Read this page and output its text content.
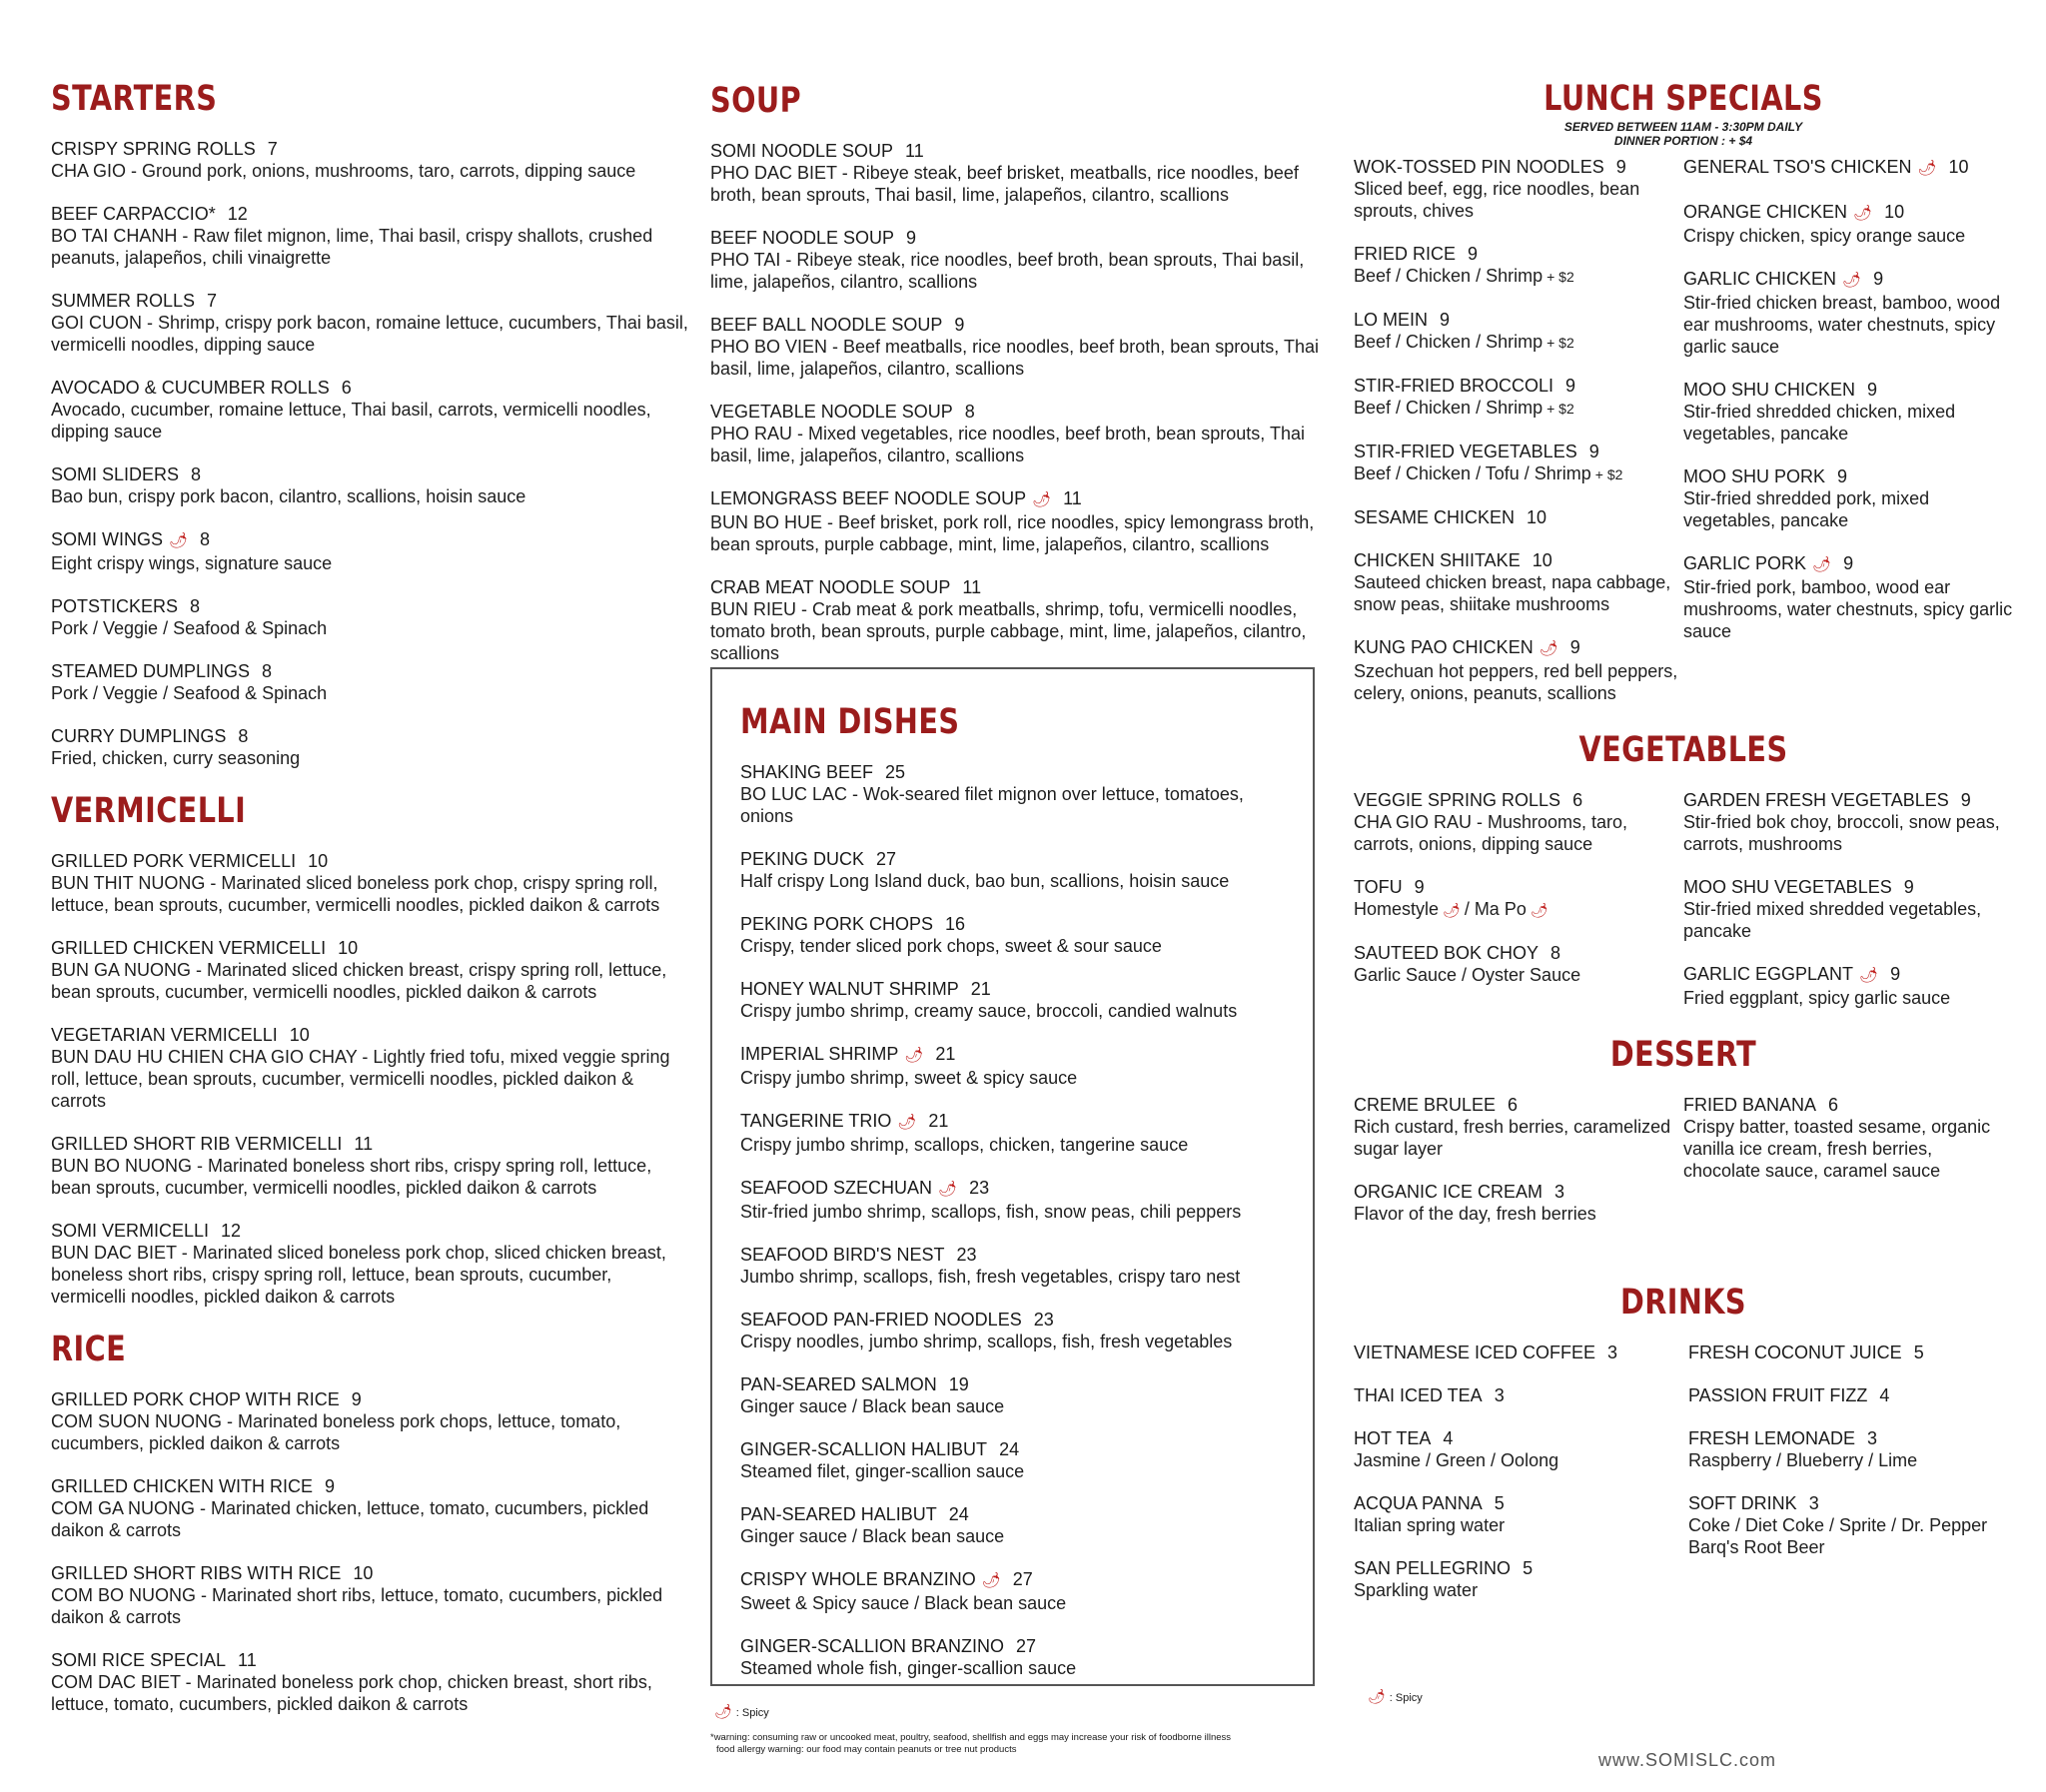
STARTERS
CRISPY SPRING ROLLS 7
CHA GIO - Ground pork, onions, mushrooms, taro, carrots, dipping sauce
BEEF CARPACCIO* 12
BO TAI CHANH - Raw filet mignon, lime, Thai basil, crispy shallots, crushed peanuts, jalapeños, chili vinaigrette
SUMMER ROLLS 7
GOI CUON - Shrimp, crispy pork bacon, romaine lettuce, cucumbers, Thai basil, vermicelli noodles, dipping sauce
AVOCADO & CUCUMBER ROLLS 6
Avocado, cucumber, romaine lettuce, Thai basil, carrots, vermicelli noodles, dipping sauce
SOMI SLIDERS 8
Bao bun, crispy pork bacon, cilantro, scallions, hoisin sauce
SOMI WINGS 🌶 8
Eight crispy wings, signature sauce
POTSTICKERS 8
Pork / Veggie / Seafood & Spinach
STEAMED DUMPLINGS 8
Pork / Veggie / Seafood & Spinach
CURRY DUMPLINGS 8
Fried, chicken, curry seasoning
VERMICELLI
GRILLED PORK VERMICELLI 10
BUN THIT NUONG - Marinated sliced boneless pork chop, crispy spring roll, lettuce, bean sprouts, cucumber, vermicelli noodles, pickled daikon & carrots
GRILLED CHICKEN VERMICELLI 10
BUN GA NUONG - Marinated sliced chicken breast, crispy spring roll, lettuce, bean sprouts, cucumber, vermicelli noodles, pickled daikon & carrots
VEGETARIAN VERMICELLI 10
BUN DAU HU CHIEN CHA GIO CHAY - Lightly fried tofu, mixed veggie spring roll, lettuce, bean sprouts, cucumber, vermicelli noodles, pickled daikon & carrots
GRILLED SHORT RIB VERMICELLI 11
BUN BO NUONG - Marinated boneless short ribs, crispy spring roll, lettuce, bean sprouts, cucumber, vermicelli noodles, pickled daikon & carrots
SOMI VERMICELLI 12
BUN DAC BIET - Marinated sliced boneless pork chop, sliced chicken breast, boneless short ribs, crispy spring roll, lettuce, bean sprouts, cucumber, vermicelli noodles, pickled daikon & carrots
RICE
GRILLED PORK CHOP WITH RICE 9
COM SUON NUONG - Marinated boneless pork chops, lettuce, tomato, cucumbers, pickled daikon & carrots
GRILLED CHICKEN WITH RICE 9
COM GA NUONG - Marinated chicken, lettuce, tomato, cucumbers, pickled daikon & carrots
GRILLED SHORT RIBS WITH RICE 10
COM BO NUONG - Marinated short ribs, lettuce, tomato, cucumbers, pickled daikon & carrots
SOMI RICE SPECIAL 11
COM DAC BIET - Marinated boneless pork chop, chicken breast, short ribs, lettuce, tomato, cucumbers, pickled daikon & carrots
SOUP
SOMI NOODLE SOUP 11
PHO DAC BIET - Ribeye steak, beef brisket, meatballs, rice noodles, beef broth, bean sprouts, Thai basil, lime, jalapeños, cilantro, scallions
BEEF NOODLE SOUP 9
PHO TAI - Ribeye steak, rice noodles, beef broth, bean sprouts, Thai basil, lime, jalapeños, cilantro, scallions
BEEF BALL NOODLE SOUP 9
PHO BO VIEN - Beef meatballs, rice noodles, beef broth, bean sprouts, Thai basil, lime, jalapeños, cilantro, scallions
VEGETABLE NOODLE SOUP 8
PHO RAU - Mixed vegetables, rice noodles, beef broth, bean sprouts, Thai basil, lime, jalapeños, cilantro, scallions
LEMONGRASS BEEF NOODLE SOUP 🌶 11
BUN BO HUE - Beef brisket, pork roll, rice noodles, spicy lemongrass broth, bean sprouts, purple cabbage, mint, lime, jalapeños, cilantro, scallions
CRAB MEAT NOODLE SOUP 11
BUN RIEU - Crab meat & pork meatballs, shrimp, tofu, vermicelli noodles, tomato broth, bean sprouts, purple cabbage, mint, lime, jalapeños, cilantro, scallions
MAIN DISHES
SHAKING BEEF 25
BO LUC LAC - Wok-seared filet mignon over lettuce, tomatoes, onions
PEKING DUCK 27
Half crispy Long Island duck, bao bun, scallions, hoisin sauce
PEKING PORK CHOPS 16
Crispy, tender sliced pork chops, sweet & sour sauce
HONEY WALNUT SHRIMP 21
Crispy jumbo shrimp, creamy sauce, broccoli, candied walnuts
IMPERIAL SHRIMP 🌶 21
Crispy jumbo shrimp, sweet & spicy sauce
TANGERINE TRIO 🌶 21
Crispy jumbo shrimp, scallops, chicken, tangerine sauce
SEAFOOD SZECHUAN 🌶 23
Stir-fried jumbo shrimp, scallops, fish, snow peas, chili peppers
SEAFOOD BIRD'S NEST 23
Jumbo shrimp, scallops, fish, fresh vegetables, crispy taro nest
SEAFOOD PAN-FRIED NOODLES 23
Crispy noodles, jumbo shrimp, scallops, fish, fresh vegetables
PAN-SEARED SALMON 19
Ginger sauce / Black bean sauce
GINGER-SCALLION HALIBUT 24
Steamed filet, ginger-scallion sauce
PAN-SEARED HALIBUT 24
Ginger sauce / Black bean sauce
CRISPY WHOLE BRANZINO 🌶 27
Sweet & Spicy sauce / Black bean sauce
GINGER-SCALLION BRANZINO 27
Steamed whole fish, ginger-scallion sauce
🌶 : Spicy
*warning: consuming raw or uncooked meat, poultry, seafood, shellfish and eggs may increase your risk of foodborne illness
food allergy warning: our food may contain peanuts or tree nut products
LUNCH SPECIALS
SERVED BETWEEN 11AM - 3:30PM DAILY
DINNER PORTION : + $4
WOK-TOSSED PIN NOODLES 9
Sliced beef, egg, rice noodles, bean sprouts, chives
FRIED RICE 9
Beef / Chicken / Shrimp + $2
LO MEIN 9
Beef / Chicken / Shrimp + $2
STIR-FRIED BROCCOLI 9
Beef / Chicken / Shrimp + $2
STIR-FRIED VEGETABLES 9
Beef / Chicken / Tofu / Shrimp + $2
SESAME CHICKEN 10
CHICKEN SHIITAKE 10
Sauteed chicken breast, napa cabbage, snow peas, shiitake mushrooms
KUNG PAO CHICKEN 🌶 9
Szechuan hot peppers, red bell peppers, celery, onions, peanuts, scallions
GENERAL TSO'S CHICKEN 🌶 10
ORANGE CHICKEN 🌶 10
Crispy chicken, spicy orange sauce
GARLIC CHICKEN 🌶 9
Stir-fried chicken breast, bamboo, wood ear mushrooms, water chestnuts, spicy garlic sauce
MOO SHU CHICKEN 9
Stir-fried shredded chicken, mixed vegetables, pancake
MOO SHU PORK 9
Stir-fried shredded pork, mixed vegetables, pancake
GARLIC PORK 🌶 9
Stir-fried pork, bamboo, wood ear mushrooms, water chestnuts, spicy garlic sauce
VEGETABLES
VEGGIE SPRING ROLLS 6
CHA GIO RAU - Mushrooms, taro, carrots, onions, dipping sauce
TOFU 9
Homestyle 🌶 / Ma Po 🌶
SAUTEED BOK CHOY 8
Garlic Sauce / Oyster Sauce
GARDEN FRESH VEGETABLES 9
Stir-fried bok choy, broccoli, snow peas, carrots, mushrooms
MOO SHU VEGETABLES 9
Stir-fried mixed shredded vegetables, pancake
GARLIC EGGPLANT 🌶 9
Fried eggplant, spicy garlic sauce
DESSERT
CREME BRULEE 6
Rich custard, fresh berries, caramelized sugar layer
ORGANIC ICE CREAM 3
Flavor of the day, fresh berries
FRIED BANANA 6
Crispy batter, toasted sesame, organic vanilla ice cream, fresh berries, chocolate sauce, caramel sauce
DRINKS
VIETNAMESE ICED COFFEE 3
THAI ICED TEA 3
HOT TEA 4
Jasmine / Green / Oolong
ACQUA PANNA 5
Italian spring water
SAN PELLEGRINO 5
Sparkling water
FRESH COCONUT JUICE 5
PASSION FRUIT FIZZ 4
FRESH LEMONADE 3
Raspberry / Blueberry / Lime
SOFT DRINK 3
Coke / Diet Coke / Sprite / Dr. Pepper
Barq's Root Beer
🌶 : Spicy
www.SOMISLC.com
